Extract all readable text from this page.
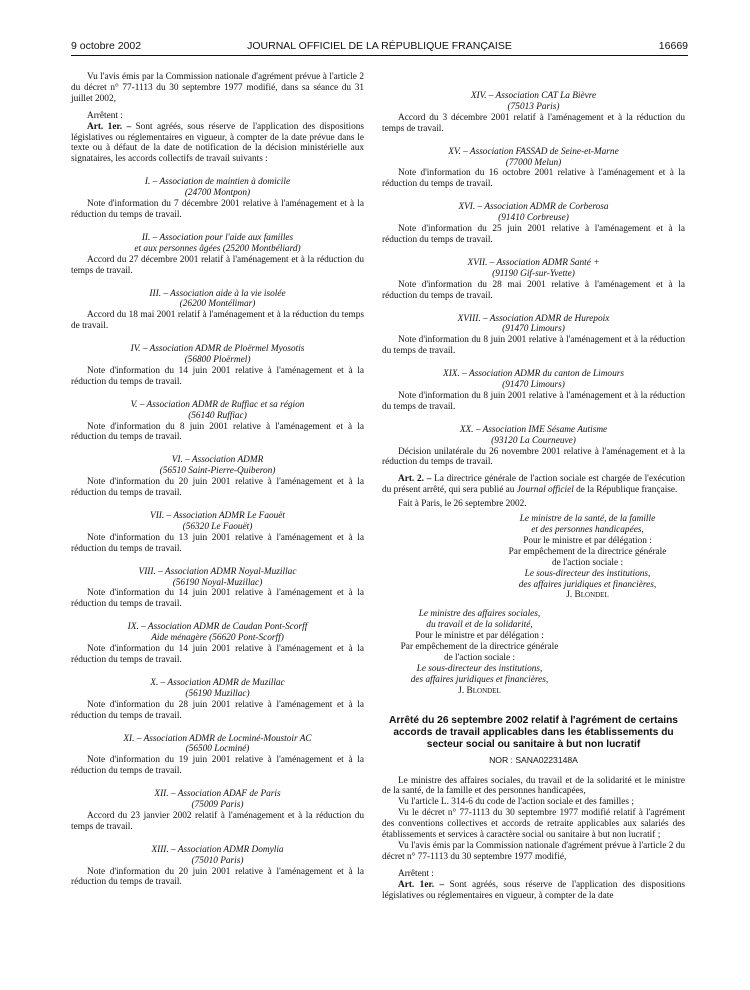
9 octobre 2002	JOURNAL OFFICIEL DE LA RÉPUBLIQUE FRANÇAISE	16669

Vu l'avis émis par la Commission nationale d'agrément prévue à l'article 2 du décret n° 77-1113 du 30 septembre 1977 modifié, dans sa séance du 31 juillet 2002,

Arrêtent :

Art. 1er. – Sont agréés, sous réserve de l'application des dispositions législatives ou réglementaires en vigueur, à compter de la date prévue dans le texte ou à défaut de la date de notification de la décision ministérielle aux signataires, les accords collectifs de travail suivants :

I. – Association de maintien à domicile

(24700 Montpon)

Note d'information du 7 décembre 2001 relative à l'aménagement et à la réduction du temps de travail.

II. – Association pour l'aide aux familles

et aux personnes âgées (25200 Montbéliard)

Accord du 27 décembre 2001 relatif à l'aménagement et à la réduction du temps de travail.

III. – Association aide à la vie isolée

(26200 Montélimar)

Accord du 18 mai 2001 relatif à l'aménagement et à la réduction du temps de travail.

IV. – Association ADMR de Ploërmel Myosotis

(56800 Ploërmel)

Note d'information du 14 juin 2001 relative à l'aménagement et à la réduction du temps de travail.

V. – Association ADMR de Ruffiac et sa région

(56140 Ruffiac)

Note d'information du 8 juin 2001 relative à l'aménagement et à la réduction du temps de travail.

VI. – Association ADMR

(56510 Saint-Pierre-Quiberon)

Note d'information du 20 juin 2001 relative à l'aménagement et à la réduction du temps de travail.

VII. – Association ADMR Le Faouët

(56320 Le Faouët)

Note d'information du 13 juin 2001 relative à l'aménagement et à la réduction du temps de travail.

VIII. – Association ADMR Noyal-Muzillac

(56190 Noyal-Muzillac)

Note d'information du 14 juin 2001 relative à l'aménagement et à la réduction du temps de travail.

IX. – Association ADMR de Caudan Pont-Scorff

Aide ménagère (56620 Pont-Scorff)

Note d'information du 14 juin 2001 relative à l'aménagement et à la réduction du temps de travail.

X. – Association ADMR de Muzillac

(56190 Muzillac)

Note d'information du 28 juin 2001 relative à l'aménagement et à la réduction du temps de travail.

XI. – Association ADMR de Locminé-Moustoir AC

(56500 Locminé)

Note d'information du 19 juin 2001 relative à l'aménagement et à la réduction du temps de travail.

XII. – Association ADAF de Paris

(75009 Paris)

Accord du 23 janvier 2002 relatif à l'aménagement et à la réduction du temps de travail.

XIII. – Association ADMR Domylia

(75010 Paris)

Note d'information du 20 juin 2001 relative à l'aménagement et à la réduction du temps de travail.

XIV. – Association CAT La Bièvre

(75013 Paris)

Accord du 3 décembre 2001 relatif à l'aménagement et à la réduction du temps de travail.

XV. – Association FASSAD de Seine-et-Marne

(77000 Melun)

Note d'information du 16 octobre 2001 relative à l'aménagement et à la réduction du temps de travail.

XVI. – Association ADMR de Corberosa

(91410 Corbreuse)

Note d'information du 25 juin 2001 relative à l'aménagement et à la réduction du temps de travail.

XVII. – Association ADMR Santé +

(91190 Gif-sur-Yvette)

Note d'information du 28 mai 2001 relative à l'aménagement et à la réduction du temps de travail.

XVIII. – Association ADMR de Hurepoix

(91470 Limours)

Note d'information du 8 juin 2001 relative à l'aménagement et à la réduction du temps de travail.

XIX. – Association ADMR du canton de Limours

(91470 Limours)

Note d'information du 8 juin 2001 relative à l'aménagement et à la réduction du temps de travail.

XX. – Association IME Sésame Autisme

(93120 La Courneuve)

Décision unilatérale du 26 novembre 2001 relative à l'aménagement et à la réduction du temps de travail.

Art. 2. – La directrice générale de l'action sociale est chargée de l'exécution du présent arrêté, qui sera publié au Journal officiel de la République française.

Fait à Paris, le 26 septembre 2002.

Le ministre de la santé, de la famille

et des personnes handicapées,

Pour le ministre et par délégation :

Par empêchement de la directrice générale

de l'action sociale :

Le sous-directeur des institutions,

des affaires juridiques et financières,

J. Blondel

Le ministre des affaires sociales,

du travail et de la solidarité,

Pour le ministre et par délégation :

Par empêchement de la directrice générale

de l'action sociale :

Le sous-directeur des institutions,

des affaires juridiques et financières,

J. Blondel

Arrêté du 26 septembre 2002 relatif à l'agrément de certains accords de travail applicables dans les établissements du secteur social ou sanitaire à but non lucratif

NOR : SANA0223148A

Le ministre des affaires sociales, du travail et de la solidarité et le ministre de la santé, de la famille et des personnes handicapées,

Vu l'article L. 314-6 du code de l'action sociale et des familles ;

Vu le décret n° 77-1113 du 30 septembre 1977 modifié relatif à l'agrément des conventions collectives et accords de retraite applicables aux salariés des établissements et services à caractère social ou sanitaire à but non lucratif ;

Vu l'avis émis par la Commission nationale d'agrément prévue à l'article 2 du décret n° 77-1113 du 30 septembre 1977 modifié,

Arrêtent :

Art. 1er. – Sont agréés, sous réserve de l'application des dispositions législatives ou réglementaires en vigueur, à compter de la date
